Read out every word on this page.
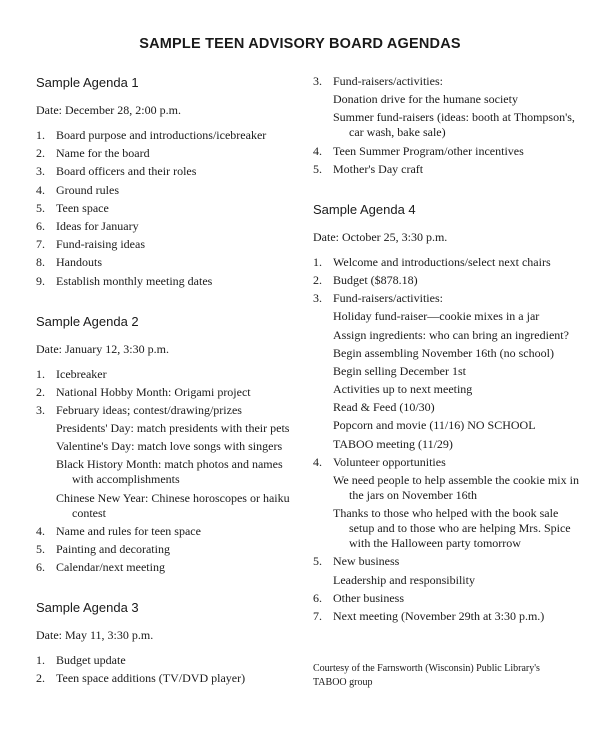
SAMPLE TEEN ADVISORY BOARD AGENDAS
Sample Agenda 1
Date: December 28, 2:00 p.m.
1. Board purpose and introductions/icebreaker
2. Name for the board
3. Board officers and their roles
4. Ground rules
5. Teen space
6. Ideas for January
7. Fund-raising ideas
8. Handouts
9. Establish monthly meeting dates
Sample Agenda 2
Date: January 12, 3:30 p.m.
1. Icebreaker
2. National Hobby Month: Origami project
3. February ideas; contest/drawing/prizes
Presidents' Day: match presidents with their pets
Valentine's Day: match love songs with singers
Black History Month: match photos and names
with accomplishments
Chinese New Year: Chinese horoscopes or haiku
contest
4. Name and rules for teen space
5. Painting and decorating
6. Calendar/next meeting
Sample Agenda 3
Date: May 11, 3:30 p.m.
1. Budget update
2. Teen space additions (TV/DVD player)
3. Fund-raisers/activities:
Donation drive for the humane society
Summer fund-raisers (ideas: booth at Thompson's,
car wash, bake sale)
4. Teen Summer Program/other incentives
5. Mother's Day craft
Sample Agenda 4
Date: October 25, 3:30 p.m.
1. Welcome and introductions/select next chairs
2. Budget ($878.18)
3. Fund-raisers/activities:
Holiday fund-raiser—cookie mixes in a jar
Assign ingredients: who can bring an ingredient?
Begin assembling November 16th (no school)
Begin selling December 1st
Activities up to next meeting
Read & Feed (10/30)
Popcorn and movie (11/16) NO SCHOOL
TABOO meeting (11/29)
4. Volunteer opportunities
We need people to help assemble the cookie mix in
the jars on November 16th
Thanks to those who helped with the book sale
setup and to those who are helping Mrs. Spice
with the Halloween party tomorrow
5. New business
Leadership and responsibility
6. Other business
7. Next meeting (November 29th at 3:30 p.m.)
Courtesy of the Farnsworth (Wisconsin) Public Library's
TABOO group
